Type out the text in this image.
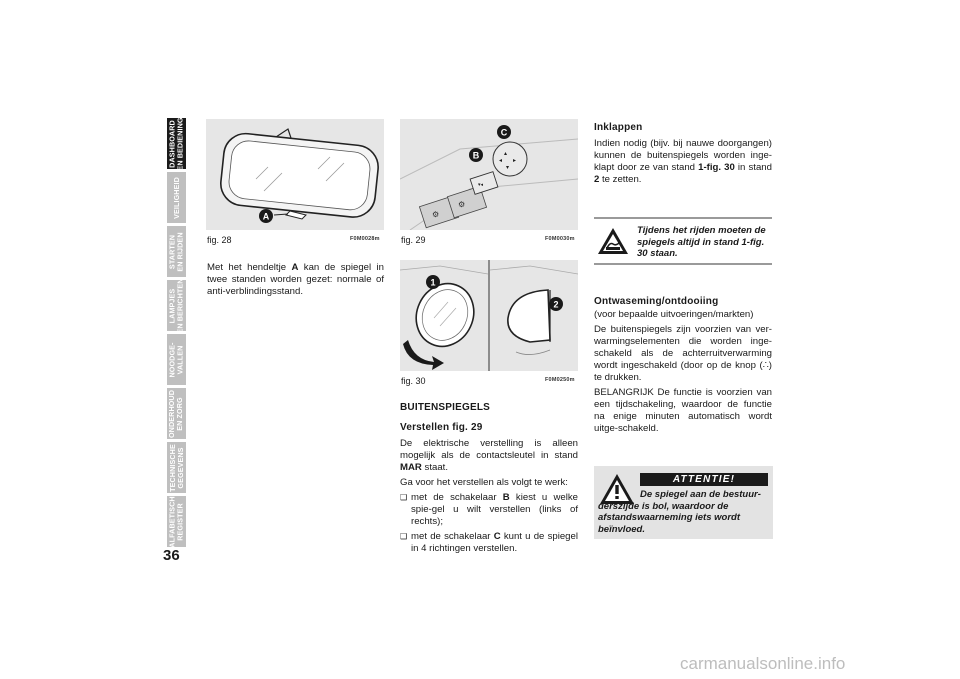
DASHBOARD
EN BEDIENING
VEILIGHEID
STARTEN
EN RIJDEN
LAMPJES
EN BERICHTEN
NOODGE-
VALLEN
ONDERHOUD
EN ZORG
TECHNISCHE
GEGEVENS
ALFABETISCH
REGISTER
36
A
fig. 28	F0M0028m
⚙
⚙
▾◂
▴
◂ ▸
▾
B
C
fig. 29	F0M0030m
1
2
fig. 30	F0M0250m

Met het hendeltje A kan de spiegel in twee standen worden gezet: normale of anti-verblindingsstand.

BUITENSPIEGELS

Verstellen fig. 29

De elektrische verstelling is alleen mogelijk als de contactsleutel in stand MAR staat.

Ga voor het verstellen als volgt te werk:

❑ met de schakelaar B kiest u welke spie-gel u wilt verstellen (links of rechts);
❑ met de schakelaar C kunt u de spiegel in 4 richtingen verstellen.

Inklappen

Indien nodig (bijv. bij nauwe doorgangen) kunnen de buitenspiegels worden inge-klapt door ze van stand 1-fig. 30 in stand 2 te zetten.

Tijdens het rijden moeten de spiegels altijd in stand 1-fig. 30 staan.

Ontwaseming/ontdooiing

(voor bepaalde uitvoeringen/markten)

De buitenspiegels zijn voorzien van ver-warmingselementen die worden inge-schakeld als de achterruitverwarming wordt ingeschakeld (door op de knop (∴) te drukken.

BELANGRIJK De functie is voorzien van een tijdschakeling, waardoor de functie na enige minuten automatisch wordt uitge-schakeld.

ATTENTIE!
De spiegel aan de bestuur-derszijde is bol, waardoor de afstandswaarneming iets wordt beïnvloed.
carmanualsonline.info
